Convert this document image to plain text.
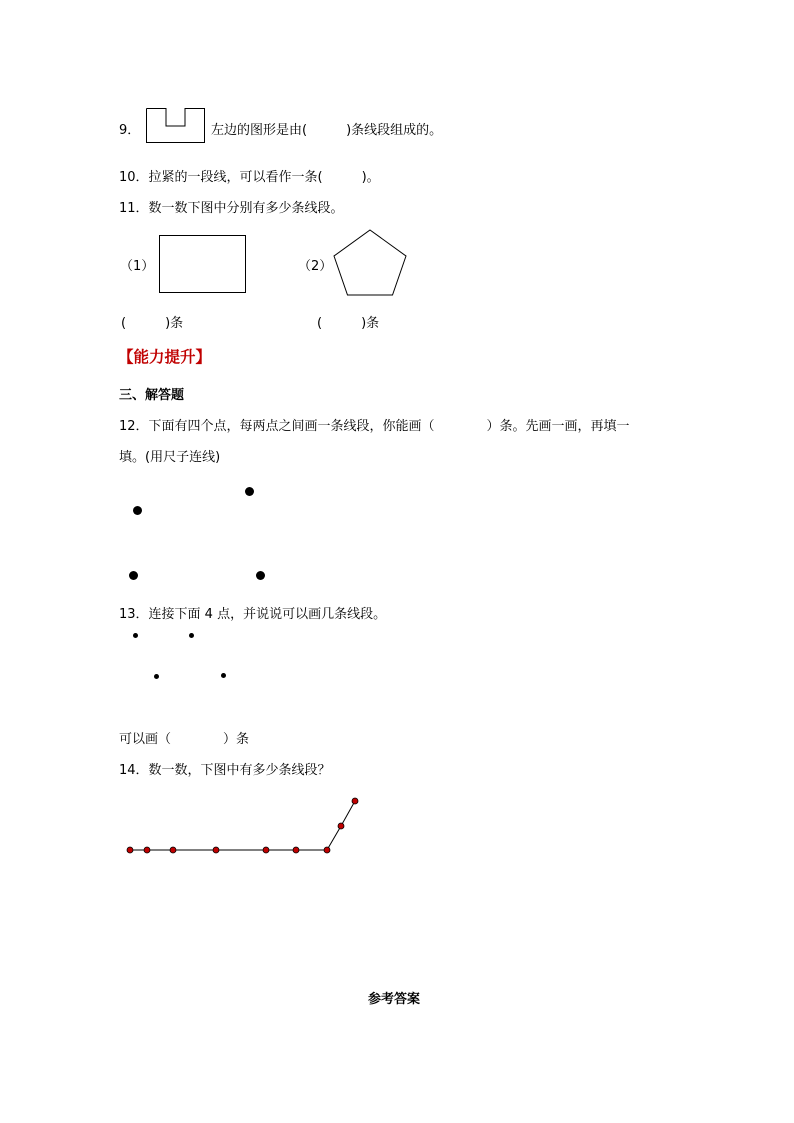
9．	左边的图形是由(　　　)条线段组成的。
10．拉紧的一段线，可以看作一条(　　　)。
11．数一数下图中分别有多少条线段。
（1）	（2）
(　　　)条	(　　　)条
【能力提升】
三、解答题
12．下面有四个点，每两点之间画一条线段，你能画（　　　　）条。先画一画，再填一
填。(用尺子连线)
13．连接下面 4 点，并说说可以画几条线段。
可以画（　　　　）条
14．数一数，下图中有多少条线段？
参考答案
